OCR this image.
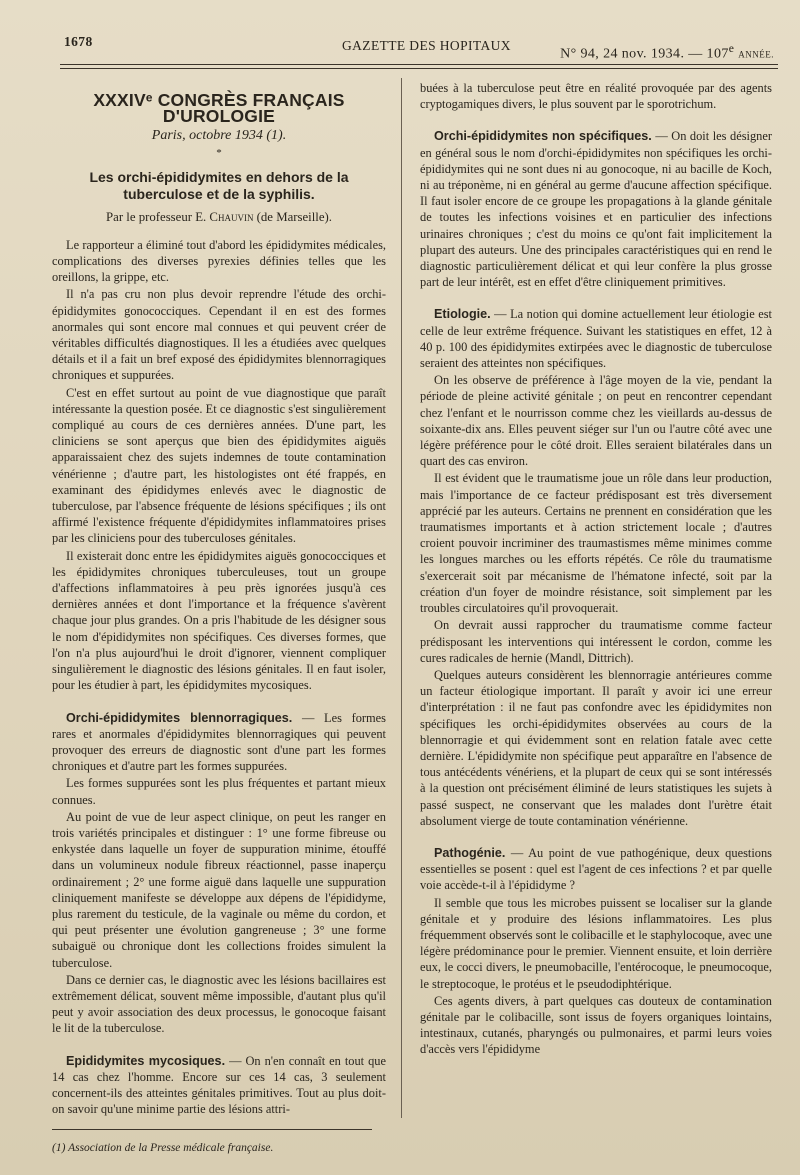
1678	GAZETTE DES HOPITAUX
N° 94, 24 nov. 1934. — 107e ANNÉE.
XXXIVᵉ CONGRÈS FRANÇAIS D'UROLOGIE
Paris, octobre 1934 (1).
*
Les orchi-épididymites en dehors de la tuberculose et de la syphilis.
Par le professeur E. Chauvin (de Marseille).

Le rapporteur a éliminé tout d'abord les épididymites médicales, complications des diverses pyrexies définies telles que les oreillons, la grippe, etc.

Il n'a pas cru non plus devoir reprendre l'étude des orchi-épididymites gonococciques. Cependant il en est des formes anormales qui sont encore mal connues et qui peuvent créer de véritables difficultés diagnostiques. Il les a étudiées avec quelques détails et il a fait un bref exposé des épididymites blennorragiques chroniques et suppurées.

C'est en effet surtout au point de vue diagnostique que paraît intéressante la question posée. Et ce diagnostic s'est singulièrement compliqué au cours de ces dernières années. D'une part, les cliniciens se sont aperçus que bien des épididymites aiguës apparaissaient chez des sujets indemnes de toute contamination vénérienne ; d'autre part, les histologistes ont été frappés, en examinant des épididymes enlevés avec le diagnostic de tuberculose, par l'absence fréquente de lésions spécifiques ; ils ont affirmé l'existence fréquente d'épididymites inflammatoires prises par les cliniciens pour des tuberculoses génitales.

Il existerait donc entre les épididymites aiguës gonococciques et les épididymites chroniques tuberculeuses, tout un groupe d'affections inflammatoires à peu près ignorées jusqu'à ces dernières années et dont l'importance et la fréquence s'avèrent chaque jour plus grandes. On a pris l'habitude de les désigner sous le nom d'épididymites non spécifiques. Ces diverses formes, que l'on n'a plus aujourd'hui le droit d'ignorer, viennent compliquer singulièrement le diagnostic des lésions génitales. Il en faut isoler, pour les étudier à part, les épididymites mycosiques.

Orchi-épididymites blennorragiques. — Les formes rares et anormales d'épididymites blennorragiques qui peuvent provoquer des erreurs de diagnostic sont d'une part les formes chroniques et d'autre part les formes suppurées.

Les formes suppurées sont les plus fréquentes et partant mieux connues.

Au point de vue de leur aspect clinique, on peut les ranger en trois variétés principales et distinguer : 1° une forme fibreuse ou enkystée dans laquelle un foyer de suppuration minime, étouffé dans un volumineux nodule fibreux réactionnel, passe inaperçu ordinairement ; 2° une forme aiguë dans laquelle une suppuration cliniquement manifeste se développe aux dépens de l'épididyme, plus rarement du testicule, de la vaginale ou même du cordon, et qui peut présenter une évolution gangreneuse ; 3° une forme subaiguë ou chronique dont les collections froides simulent la tuberculose.

Dans ce dernier cas, le diagnostic avec les lésions bacillaires est extrêmement délicat, souvent même impossible, d'autant plus qu'il peut y avoir association des deux processus, le gonocoque faisant le lit de la tuberculose.

Epididymites mycosiques. — On n'en connaît en tout que 14 cas chez l'homme. Encore sur ces 14 cas, 3 seulement concernent-ils des atteintes génitales primitives. Tout au plus doit-on savoir qu'une minime partie des lésions attri-

(1) Association de la Presse médicale française.

buées à la tuberculose peut être en réalité provoquée par des agents cryptogamiques divers, le plus souvent par le sporotrichum.

Orchi-épididymites non spécifiques. — On doit les désigner en général sous le nom d'orchi-épididymites non spécifiques les orchi-épididymites qui ne sont dues ni au gonocoque, ni au bacille de Koch, ni au tréponème, ni en général au germe d'aucune affection spécifique. Il faut isoler encore de ce groupe les propagations à la glande génitale de toutes les infections voisines et en particulier des infections urinaires chroniques ; c'est du moins ce qu'ont fait implicitement la plupart des auteurs. Une des principales caractéristiques qui en rend le diagnostic particulièrement délicat et qui leur confère la plus grosse part de leur intérêt, est en effet d'être cliniquement primitives.

Etiologie. — La notion qui domine actuellement leur étiologie est celle de leur extrême fréquence. Suivant les statistiques en effet, 12 à 40 p. 100 des épididymites extirpées avec le diagnostic de tuberculose seraient des atteintes non spécifiques.

On les observe de préférence à l'âge moyen de la vie, pendant la période de pleine activité génitale ; on peut en rencontrer cependant chez l'enfant et le nourrisson comme chez les vieillards au-dessus de soixante-dix ans. Elles peuvent siéger sur l'un ou l'autre côté avec une légère préférence pour le côté droit. Elles seraient bilatérales dans un quart des cas environ.

Il est évident que le traumatisme joue un rôle dans leur production, mais l'importance de ce facteur prédisposant est très diversement apprécié par les auteurs. Certains ne prennent en considération que les traumatismes importants et à action strictement locale ; d'autres croient pouvoir incriminer des traumastismes même minimes comme les longues marches ou les efforts répétés. Ce rôle du traumatisme s'exercerait soit par mécanisme de l'hématone infecté, soit par la création d'un foyer de moindre résistance, soit simplement par les troubles circulatoires qu'il provoquerait.

On devrait aussi rapprocher du traumatisme comme facteur prédisposant les interventions qui intéressent le cordon, comme les cures radicales de hernie (Mandl, Dittrich).

Quelques auteurs considèrent les blennorragie antérieures comme un facteur étiologique important. Il paraît y avoir ici une erreur d'interprétation : il ne faut pas confondre avec les épididymites non spécifiques les orchi-épididymites observées au cours de la blennorragie et qui évidemment sont en relation fatale avec cette dernière. L'épididymite non spécifique peut apparaître en l'absence de tous antécédents vénériens, et la plupart de ceux qui se sont intéressés à la question ont précisément éliminé de leurs statistiques les sujets à passé suspect, ne conservant que les malades dont l'urètre était absolument vierge de toute contamination vénérienne.

Pathogénie. — Au point de vue pathogénique, deux questions essentielles se posent : quel est l'agent de ces infections ? et par quelle voie accède-t-il à l'épididyme ?

Il semble que tous les microbes puissent se localiser sur la glande génitale et y produire des lésions inflammatoires. Les plus fréquemment observés sont le colibacille et le staphylocoque, avec une légère prédominance pour le premier. Viennent ensuite, et loin derrière eux, le cocci divers, le pneumobacille, l'entérocoque, le pneumocoque, le streptocoque, le protéus et le pseudodiphtérique.

Ces agents divers, à part quelques cas douteux de contamination génitale par le colibacille, sont issus de foyers organiques lointains, intestinaux, cutanés, pharyngés ou pulmonaires, et parmi leurs voies d'accès vers l'épididyme
